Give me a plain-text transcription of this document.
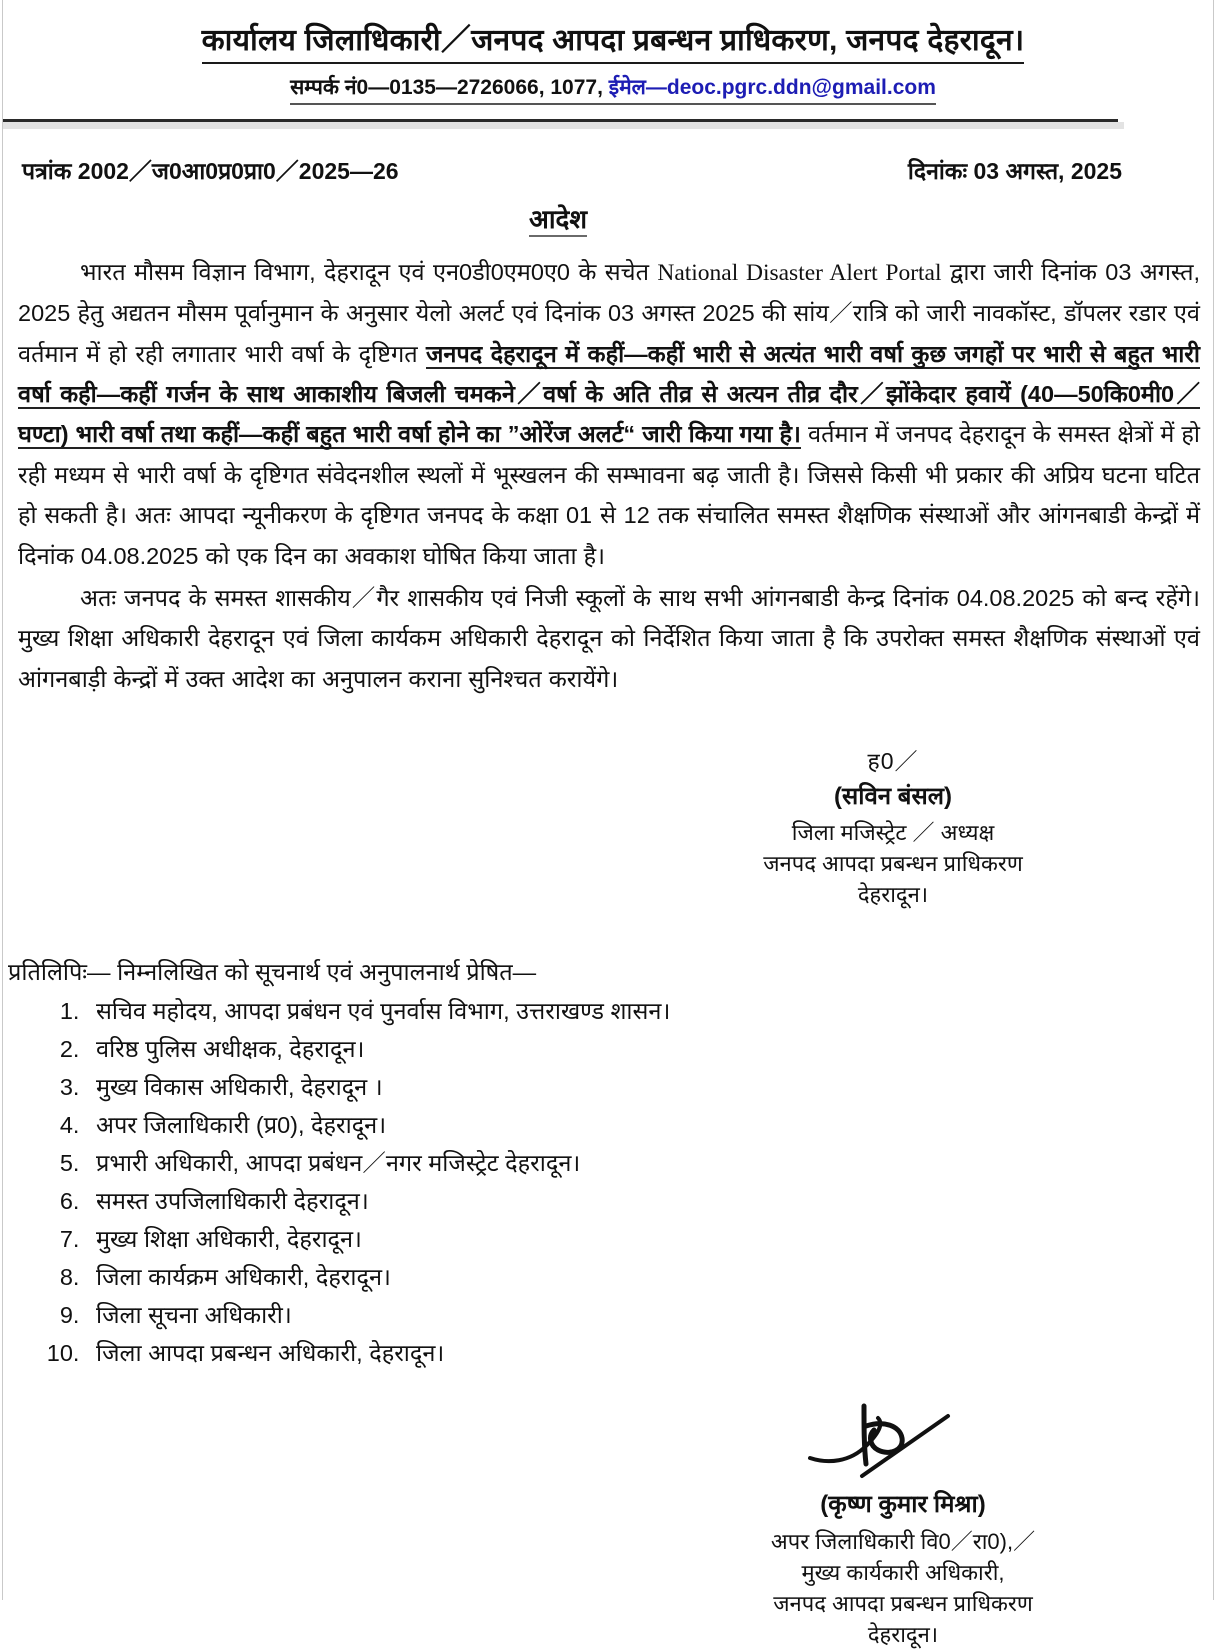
कार्यालय जिलाधिकारी／जनपद आपदा प्रबन्धन प्राधिकरण, जनपद देहरादून। सम्पर्क नं0—0135—2726066, 1077, ईमेल—deoc.pgrc.ddn@gmail.com
पत्रांक 2002／ज0आ0प्र0प्रा0／2025—26	दिनांकः 03 अगस्त, 2025
आदेश

भारत मौसम विज्ञान विभाग, देहरादून एवं एन0डी0एम0ए0 के सचेत National Disaster Alert Portal द्वारा जारी दिनांक 03 अगस्त, 2025 हेतु अद्यतन मौसम पूर्वानुमान के अनुसार येलो अलर्ट एवं दिनांक 03 अगस्त 2025 की सांय／रात्रि को जारी नावकॉस्ट, डॉपलर रडार एवं वर्तमान में हो रही लगातार भारी वर्षा के दृष्टिगत जनपद देहरादून में कहीं—कहीं भारी से अत्यंत भारी वर्षा कुछ जगहों पर भारी से बहुत भारी वर्षा कही—कहीं गर्जन के साथ आकाशीय बिजली चमकने／वर्षा के अति तीव्र से अत्यन तीव्र दौर／झोंकेदार हवायें (40—50कि0मी0／घण्टा) भारी वर्षा तथा कहीं—कहीं बहुत भारी वर्षा होने का ”ओरेंज अलर्ट“ जारी किया गया है। वर्तमान में जनपद देहरादून के समस्त क्षेत्रों में हो रही मध्यम से भारी वर्षा के दृष्टिगत संवेदनशील स्थलों में भूस्खलन की सम्भावना बढ़ जाती है। जिससे किसी भी प्रकार की अप्रिय घटना घटित हो सकती है। अतः आपदा न्यूनीकरण के दृष्टिगत जनपद के कक्षा 01 से 12 तक संचालित समस्त शैक्षणिक संस्थाओं और आंगनबाडी केन्द्रों में दिनांक 04.08.2025 को एक दिन का अवकाश घोषित किया जाता है।

अतः जनपद के समस्त शासकीय／गैर शासकीय एवं निजी स्कूलों के साथ सभी आंगनबाडी केन्द्र दिनांक 04.08.2025 को बन्द रहेंगे। मुख्य शिक्षा अधिकारी देहरादून एवं जिला कार्यकम अधिकारी देहरादून को निर्देशित किया जाता है कि उपरोक्त समस्त शैक्षणिक संस्थाओं एवं आंगनबाड़ी केन्द्रों में उक्त आदेश का अनुपालन कराना सुनिश्चत करायेंगे।

ह0／
(सविन बंसल)
जिला मजिस्ट्रेट ／ अध्यक्ष
जनपद आपदा प्रबन्धन प्राधिकरण
देहरादून।
प्रतिलिपिः— निम्नलिखित को सूचनार्थ एवं अनुपालनार्थ प्रेषित—
1. सचिव महोदय, आपदा प्रबंधन एवं पुनर्वास विभाग, उत्तराखण्ड शासन।
2. वरिष्ठ पुलिस अधीक्षक, देहरादून।
3. मुख्य विकास अधिकारी, देहरादून ।
4. अपर जिलाधिकारी (प्र0), देहरादून।
5. प्रभारी अधिकारी, आपदा प्रबंधन／नगर मजिस्ट्रेट देहरादून।
6. समस्त उपजिलाधिकारी देहरादून।
7. मुख्य शिक्षा अधिकारी, देहरादून।
8. जिला कार्यक्रम अधिकारी, देहरादून।
9. जिला सूचना अधिकारी।
10. जिला आपदा प्रबन्धन अधिकारी, देहरादून।
(कृष्ण कुमार मिश्रा)
अपर जिलाधिकारी वि0／रा0),／
मुख्य कार्यकारी अधिकारी,
जनपद आपदा प्रबन्धन प्राधिकरण
देहरादून।
